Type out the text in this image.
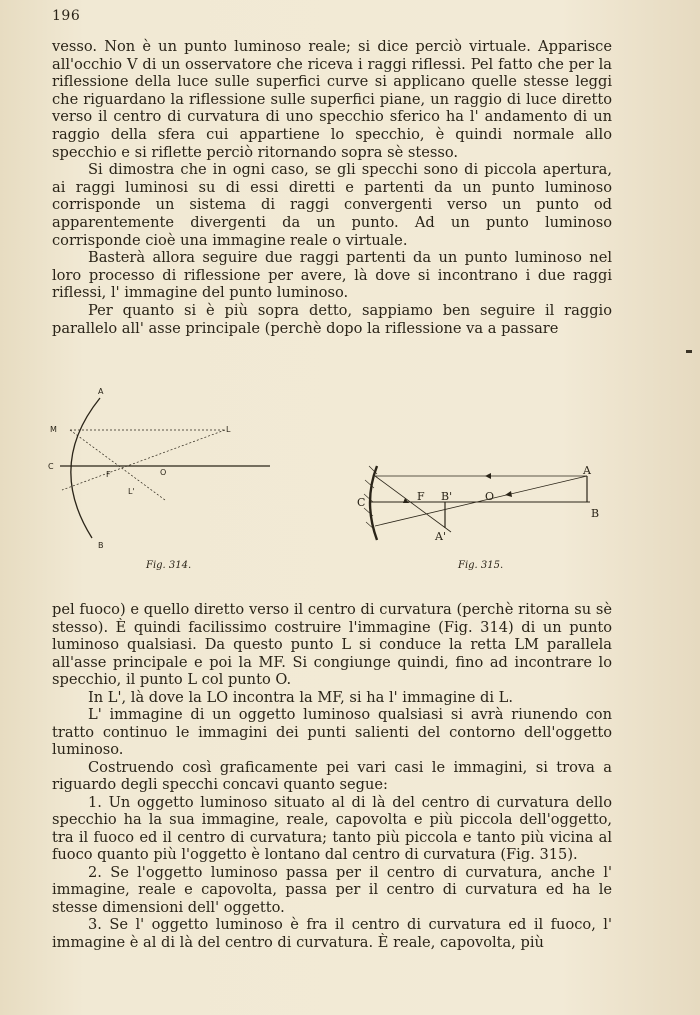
196

vesso. Non è un punto luminoso reale; si dice perciò virtuale. Apparisce all'occhio V di un osservatore che riceva i raggi riflessi. Pel fatto che per la riflessione della luce sulle superfici curve si applicano quelle stesse leggi che riguardano la riflessione sulle superfici piane, un raggio di luce diretto verso il centro di curvatura di uno specchio sferico ha l' andamento di un raggio della sfera cui appartiene lo specchio, è quindi normale allo specchio e si riflette perciò ritornando sopra sè stesso.

Si dimostra che in ogni caso, se gli specchi sono di piccola apertura, ai raggi luminosi su di essi diretti e partenti da un punto luminoso corrisponde un sistema di raggi convergenti verso un punto od apparentemente divergenti da un punto. Ad un punto luminoso corrisponde cioè una immagine reale o virtuale.

Basterà allora seguire due raggi partenti da un punto luminoso nel loro processo di riflessione per avere, là dove si incontrano i due raggi riflessi, l' immagine del punto luminoso.

Per quanto si è più sopra detto, sappiamo ben seguire il raggio parallelo all' asse principale (perchè dopo la riflessione va a passare

A
M	L
C
F	O
L'
B
Fig. 314.
A
B
C	F B'	O
A'
Fig. 315.

pel fuoco) e quello diretto verso il centro di curvatura (perchè ritorna su sè stesso). È quindi facilissimo costruire l'immagine (Fig. 314) di un punto luminoso qualsiasi. Da questo punto L si conduce la retta LM parallela all'asse principale e poi la MF. Si congiunge quindi, fino ad incontrare lo specchio, il punto L col punto O.

In L', là dove la LO incontra la MF, si ha l' immagine di L.

L' immagine di un oggetto luminoso qualsiasi si avrà riunendo con tratto continuo le immagini dei punti salienti del contorno dell'oggetto luminoso.

Costruendo così graficamente pei vari casi le immagini, si trova a riguardo degli specchi concavi quanto segue:

1. Un oggetto luminoso situato al di là del centro di curvatura dello specchio ha la sua immagine, reale, capovolta e più piccola dell'oggetto, tra il fuoco ed il centro di curvatura; tanto più piccola e tanto più vicina al fuoco quanto più l'oggetto è lontano dal centro di curvatura (Fig. 315).

2. Se l'oggetto luminoso passa per il centro di curvatura, anche l' immagine, reale e capovolta, passa per il centro di curvatura ed ha le stesse dimensioni dell' oggetto.

3. Se l' oggetto luminoso è fra il centro di curvatura ed il fuoco, l' immagine è al di là del centro di curvatura. È reale, capovolta, più
